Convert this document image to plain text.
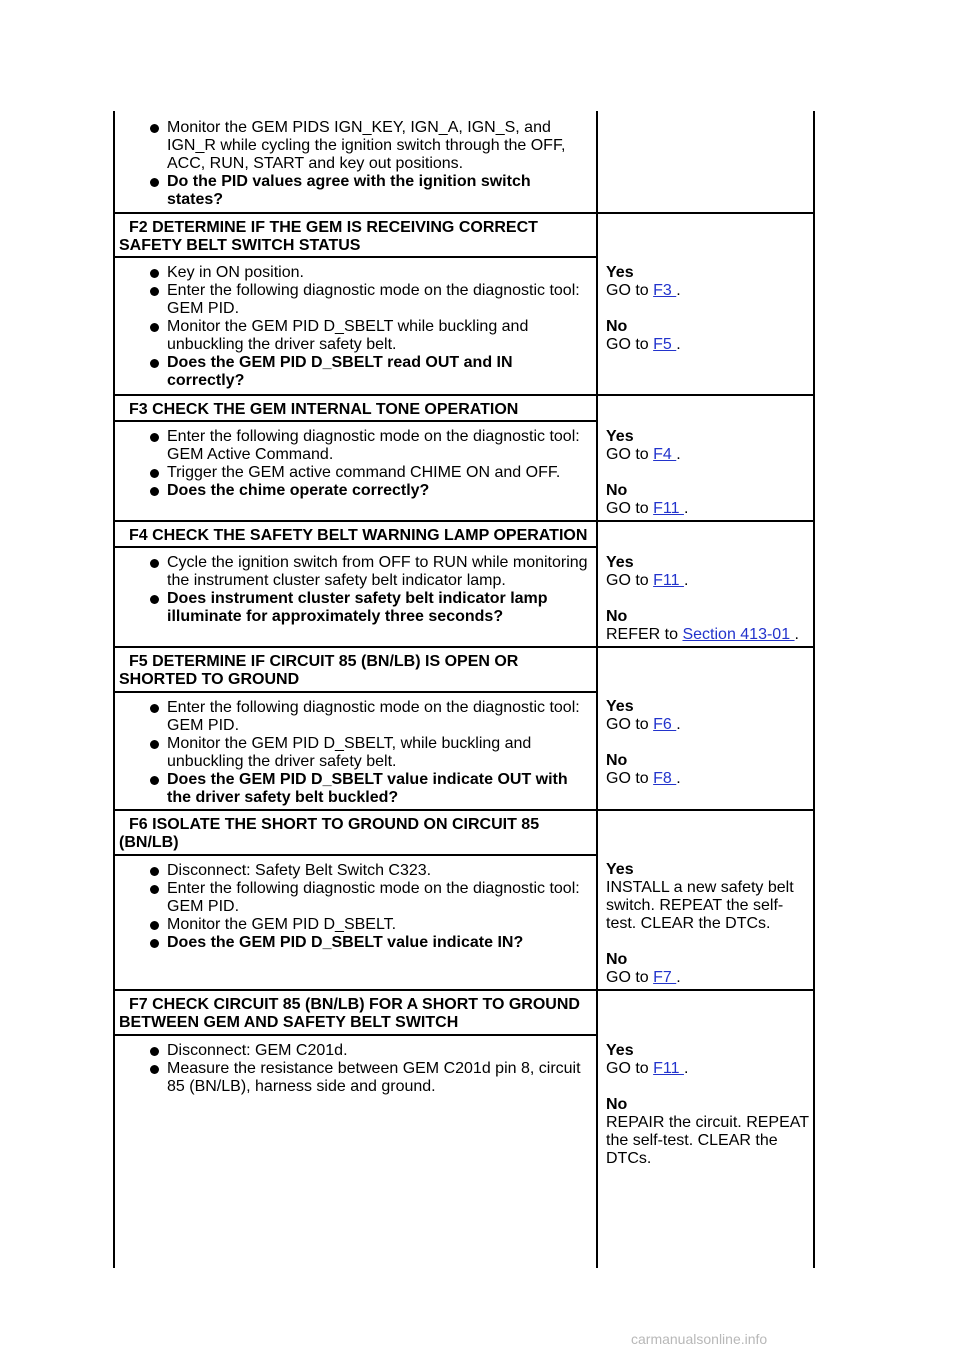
Monitor the GEM PIDS IGN_KEY, IGN_A, IGN_S, and IGN_R while cycling the ignition switch through the OFF, ACC, RUN, START and key out positions.
Do the PID values agree with the ignition switch states?
F2 DETERMINE IF THE GEM IS RECEIVING CORRECT SAFETY BELT SWITCH STATUS
Key in ON position.
Enter the following diagnostic mode on the diagnostic tool: GEM PID.
Monitor the GEM PID D_SBELT while buckling and unbuckling the driver safety belt.
Does the GEM PID D_SBELT read OUT and IN correctly?
Yes
GO to F3 .
No
GO to F5 .
F3 CHECK THE GEM INTERNAL TONE OPERATION
Enter the following diagnostic mode on the diagnostic tool: GEM Active Command.
Trigger the GEM active command CHIME ON and OFF.
Does the chime operate correctly?
Yes
GO to F4 .
No
GO to F11 .
F4 CHECK THE SAFETY BELT WARNING LAMP OPERATION
Cycle the ignition switch from OFF to RUN while monitoring the instrument cluster safety belt indicator lamp.
Does instrument cluster safety belt indicator lamp illuminate for approximately three seconds?
Yes
GO to F11 .
No
REFER to Section 413-01 .
F5 DETERMINE IF CIRCUIT 85 (BN/LB) IS OPEN OR SHORTED TO GROUND
Enter the following diagnostic mode on the diagnostic tool: GEM PID.
Monitor the GEM PID D_SBELT, while buckling and unbuckling the driver safety belt.
Does the GEM PID D_SBELT value indicate OUT with the driver safety belt buckled?
Yes
GO to F6 .
No
GO to F8 .
F6 ISOLATE THE SHORT TO GROUND ON CIRCUIT 85 (BN/LB)
Disconnect: Safety Belt Switch C323.
Enter the following diagnostic mode on the diagnostic tool: GEM PID.
Monitor the GEM PID D_SBELT.
Does the GEM PID D_SBELT value indicate IN?
Yes
INSTALL a new safety belt switch. REPEAT the self-test. CLEAR the DTCs.
No
GO to F7 .
F7 CHECK CIRCUIT 85 (BN/LB) FOR A SHORT TO GROUND BETWEEN GEM AND SAFETY BELT SWITCH
Disconnect: GEM C201d.
Measure the resistance between GEM C201d pin 8, circuit 85 (BN/LB), harness side and ground.
Yes
GO to F11 .
No
REPAIR the circuit. REPEAT the self-test. CLEAR the DTCs.
carmanualsonline.info
